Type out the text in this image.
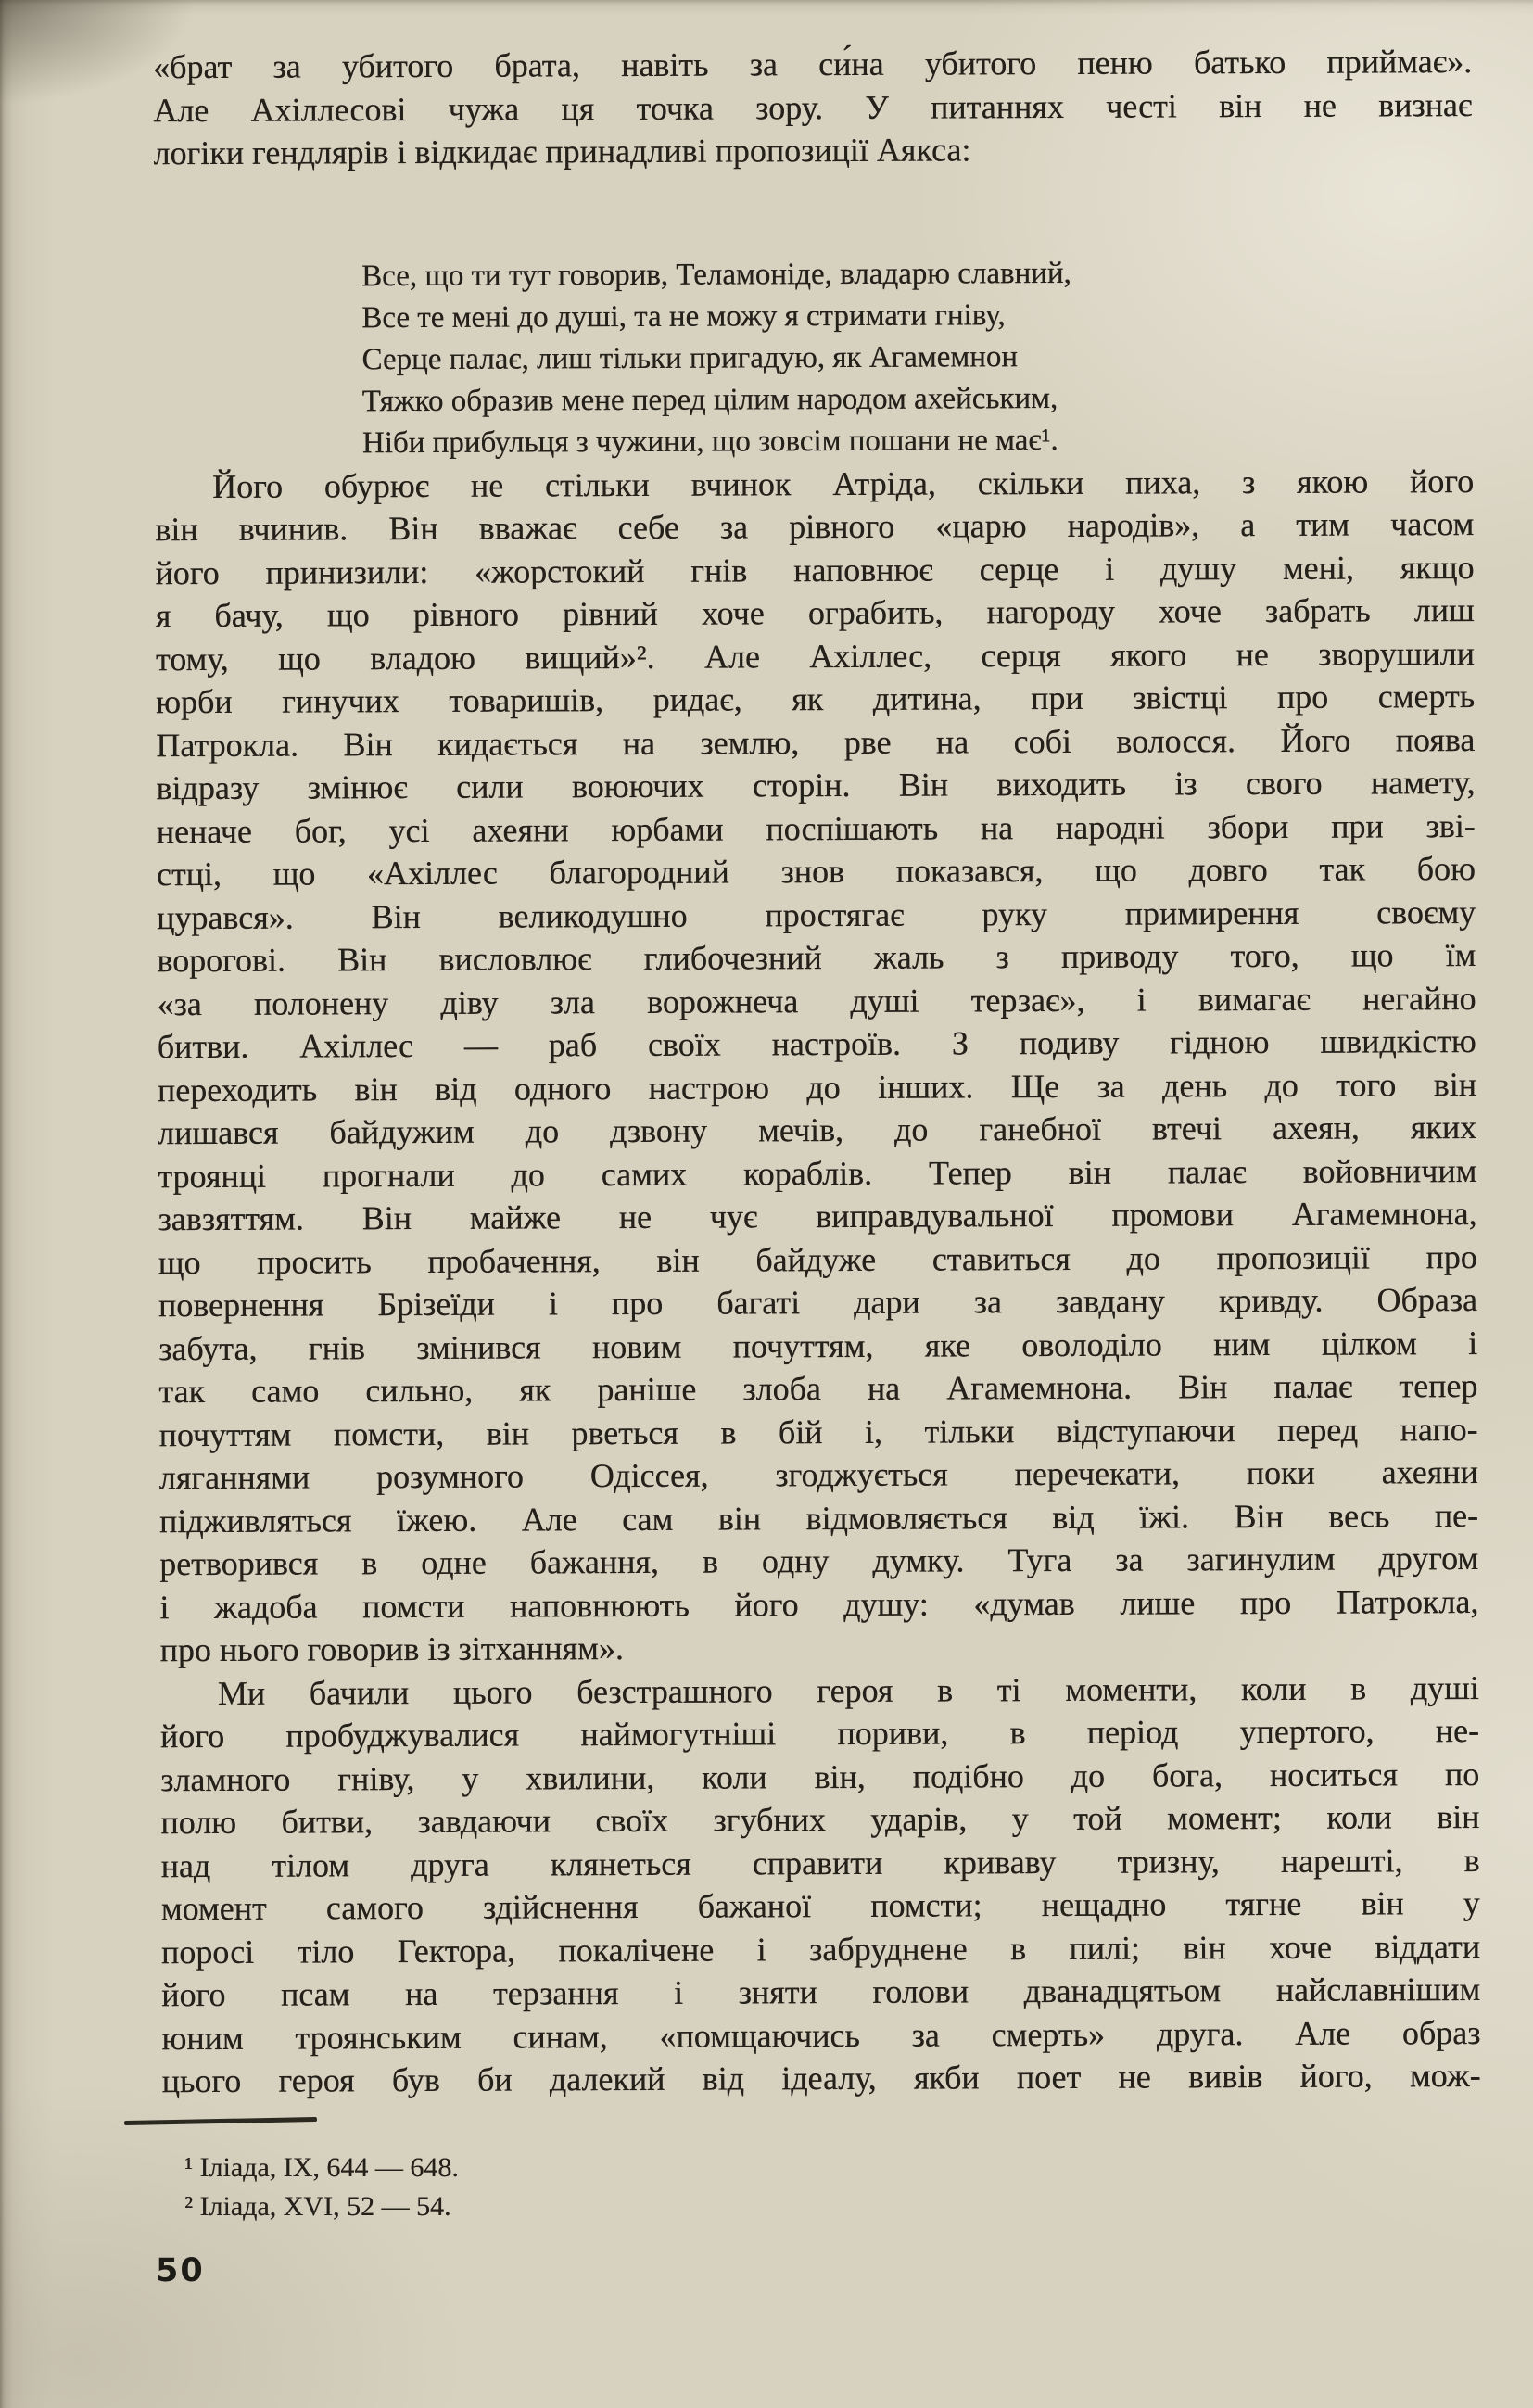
«брат за убитого брата, навіть за си́на убитого пеню батько приймає».
Але Ахіллесові чужа ця точка зору. У питаннях честі він не визнає
логіки гендлярів і відкидає принадливі пропозиції Аякса:
Все, що ти тут говорив, Теламоніде, владарю славний,
Все те мені до душі, та не можу я стримати гніву,
Серце палає, лиш тільки пригадую, як Агамемнон
Тяжко образив мене перед цілим народом ахейським,
Ніби прибульця з чужини, що зовсім пошани не має¹.
Його обурює не стільки вчинок Атріда, скільки пиха, з якою його
він вчинив. Він вважає себе за рівного «царю народів», а тим часом
його принизили: «жорстокий гнів наповнює серце і душу мені, якщо
я бачу, що рівного рівний хоче ограбить, нагороду хоче забрать лиш
тому, що владою вищий»². Але Ахіллес, серця якого не зворушили
юрби гинучих товаришів, ридає, як дитина, при звістці про смерть
Патрокла. Він кидається на землю, рве на собі волосся. Його поява
відразу змінює сили воюючих сторін. Він виходить із свого намету,
неначе бог, усі ахеяни юрбами поспішають на народні збори при зві-
стці, що «Ахіллес благородний знов показався, що довго так бою
цурався». Він великодушно простягає руку примирення своєму
ворогові. Він висловлює глибочезний жаль з приводу того, що їм
«за полонену діву зла ворожнеча душі терзає», і вимагає негайно
битви. Ахіллес — раб своїх настроїв. З подиву гідною швидкістю
переходить він від одного настрою до інших. Ще за день до того він
лишався байдужим до дзвону мечів, до ганебної втечі ахеян, яких
троянці прогнали до самих кораблів. Тепер він палає войовничим
завзяттям. Він майже не чує виправдувальної промови Агамемнона,
що просить пробачення, він байдуже ставиться до пропозиції про
повернення Брізеїди і про багаті дари за завдану кривду. Образа
забута, гнів змінився новим почуттям, яке оволоділо ним цілком і
так само сильно, як раніше злоба на Агамемнона. Він палає тепер
почуттям помсти, він рветься в бій і, тільки відступаючи перед напо-
ляганнями розумного Одіссея, згоджується перечекати, поки ахеяни
підживляться їжею. Але сам він відмовляється від їжі. Він весь пе-
ретворився в одне бажання, в одну думку. Туга за загинулим другом
і жадоба помсти наповнюють його душу: «думав лише про Патрокла,
про нього говорив із зітханням».
Ми бачили цього безстрашного героя в ті моменти, коли в душі
його пробуджувалися наймогутніші пориви, в період упертого, не-
зламного гніву, у хвилини, коли він, подібно до бога, носиться по
полю битви, завдаючи своїх згубних ударів, у той момент; коли він
над тілом друга клянеться справити криваву тризну, нарешті, в
момент самого здійснення бажаної помсти; нещадно тягне він у
поросі тіло Гектора, покалічене і забруднене в пилі; він хоче віддати
його псам на терзання і зняти голови дванадцятьом найславнішим
юним троянським синам, «помщаючись за смерть» друга. Але образ
цього героя був би далекий від ідеалу, якби поет не вивів його, мож-
¹ Іліада, IX, 644 — 648.
² Іліада, XVI, 52 — 54.
50
